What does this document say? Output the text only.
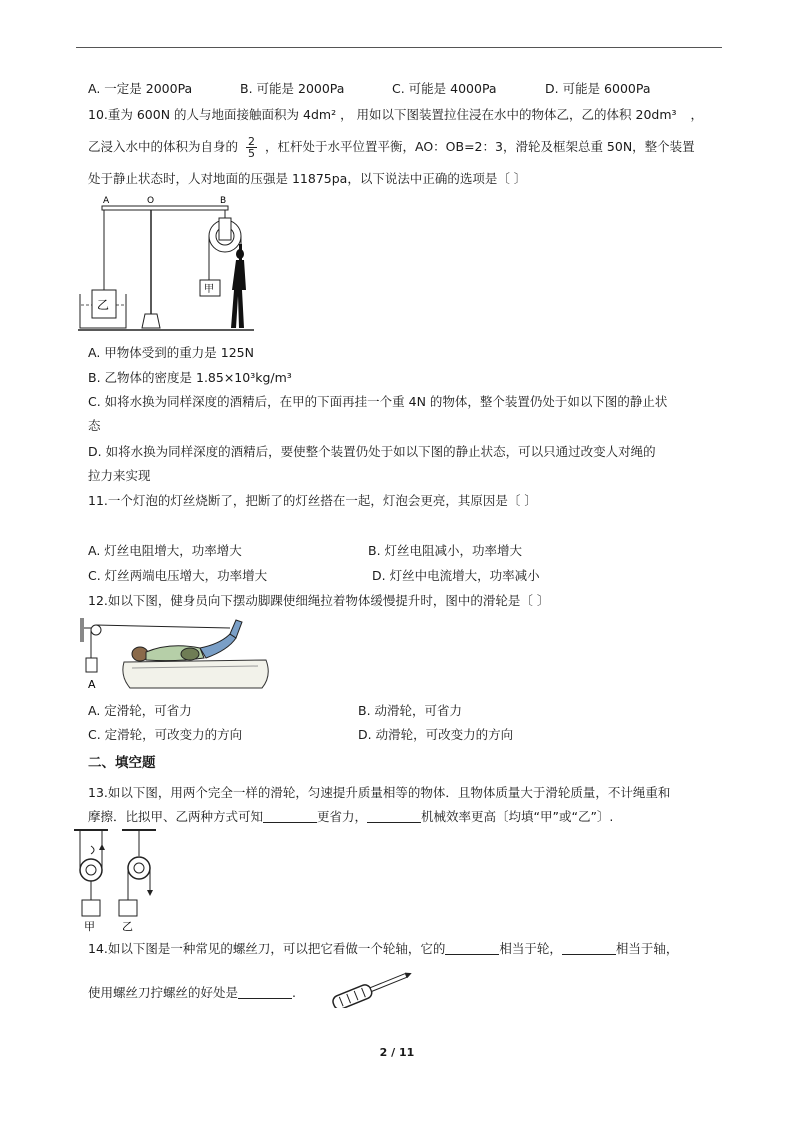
A. 一定是 2000Pa	B. 可能是 2000Pa	C. 可能是 4000Pa	D. 可能是 6000Pa
10.重为 600N 的人与地面接触面积为 4dm² ， 用如以下图装置拉住浸在水中的物体乙，乙的体积 20dm³ ，
乙浸入水中的体积为自身的 $\frac{2}{5}$ ，杠杆处于水平位置平衡，AO：OB=2：3，滑轮及框架总重 50N，整个装置
处于静止状态时，人对地面的压强是 11875pa，以下说法中正确的选项是〔 〕
A	O	B
乙
甲
A. 甲物体受到的重力是 125N
B. 乙物体的密度是 1.85×10³kg/m³
C. 如将水换为同样深度的酒精后，在甲的下面再挂一个重 4N 的物体，整个装置仍处于如以下图的静止状
态
D. 如将水换为同样深度的酒精后，要使整个装置仍处于如以下图的静止状态，可以只通过改变人对绳的
拉力来实现
11.一个灯泡的灯丝烧断了，把断了的灯丝搭在一起，灯泡会更亮，其原因是〔 〕
A. 灯丝电阻增大，功率增大	B. 灯丝电阻减小，功率增大
C. 灯丝两端电压增大，功率增大	D. 灯丝中电流增大，功率减小
12.如以下图，健身员向下摆动脚踝使细绳拉着物体缓慢提升时，图中的滑轮是〔 〕
A
A. 定滑轮，可省力	B. 动滑轮，可省力
C. 定滑轮，可改变力的方向	D. 动滑轮，可改变力的方向
二、填空题
13.如以下图，用两个完全一样的滑轮，匀速提升质量相等的物体．且物体质量大于滑轮质量，不计绳重和
摩擦．比拟甲、乙两种方式可知	更省力，	机械效率更高〔均填“甲”或“乙”〕.
甲 乙
14.如以下图是一种常见的螺丝刀，可以把它看做一个轮轴，它的	相当于轮，	相当于轴，
使用螺丝刀拧螺丝的好处是	.
2 / 11
